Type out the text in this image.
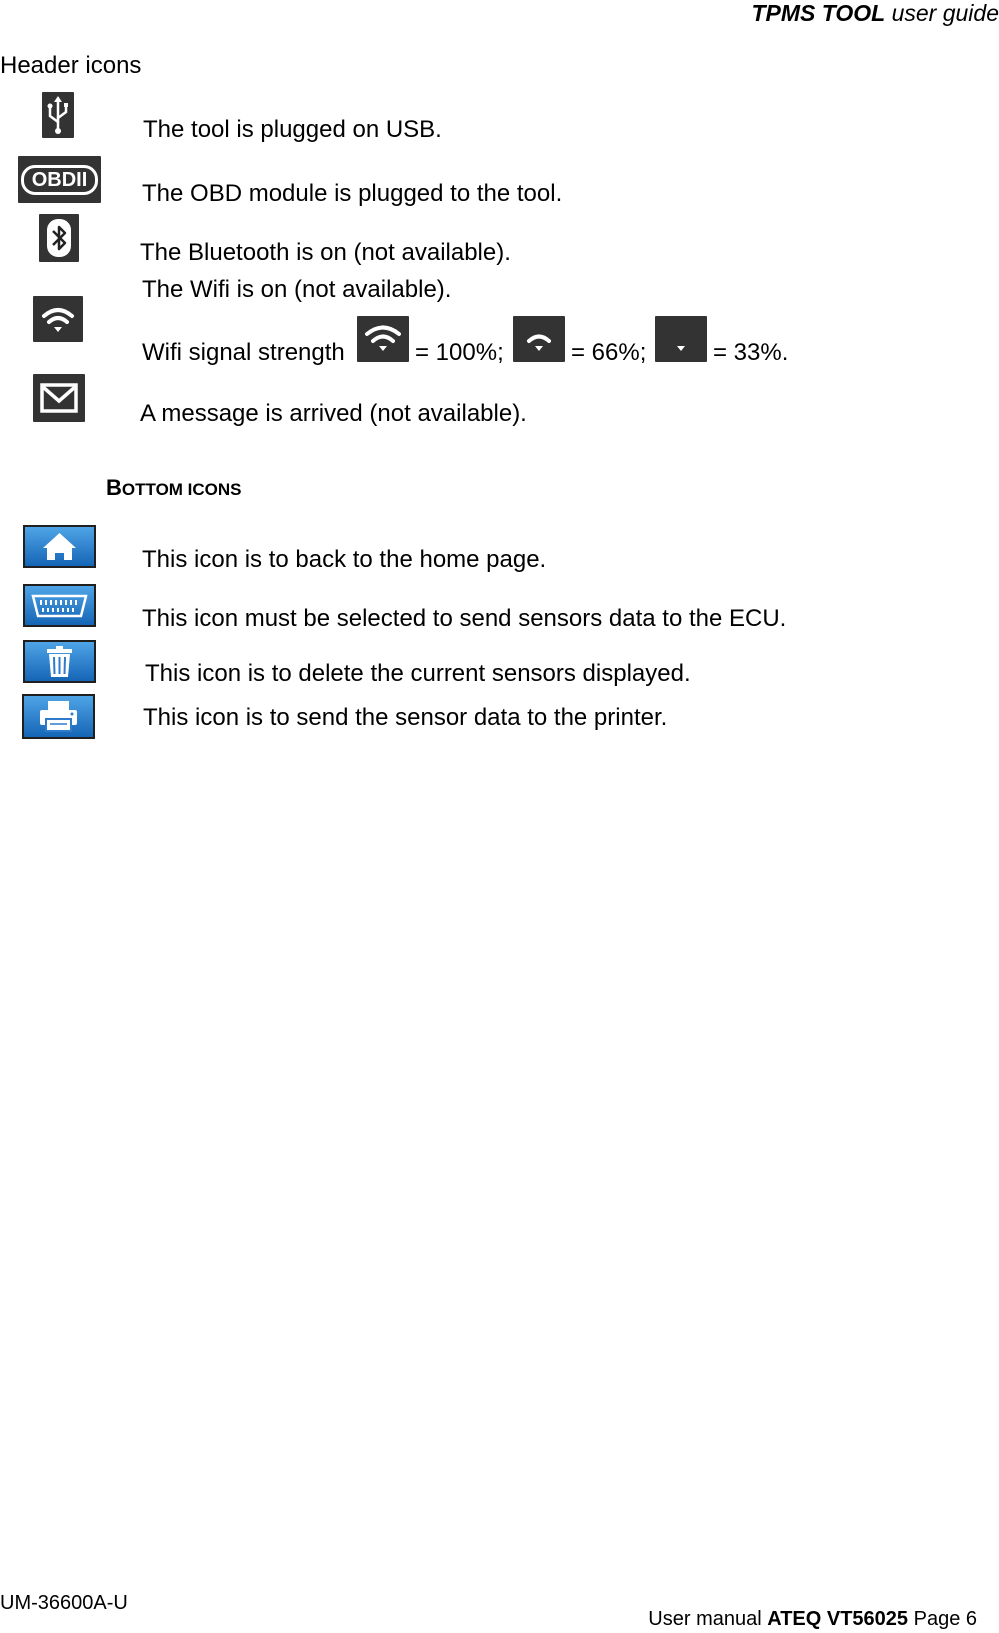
TPMS TOOL user guide
Header icons
The tool is plugged on USB.
OBDII
The OBD module is plugged to the tool.
The Bluetooth is on (not available).
The Wifi is on (not available).
Wifi signal strength	= 100%;	= 66%;	= 33%.
A message is arrived (not available).
BOTTOM ICONS
This icon is to back to the home page.
This icon must be selected to send sensors data to the ECU.
This icon is to delete the current sensors displayed.
This icon is to send the sensor data to the printer.
UM-36600A-U
User manual ATEQ VT56025 Page 6
